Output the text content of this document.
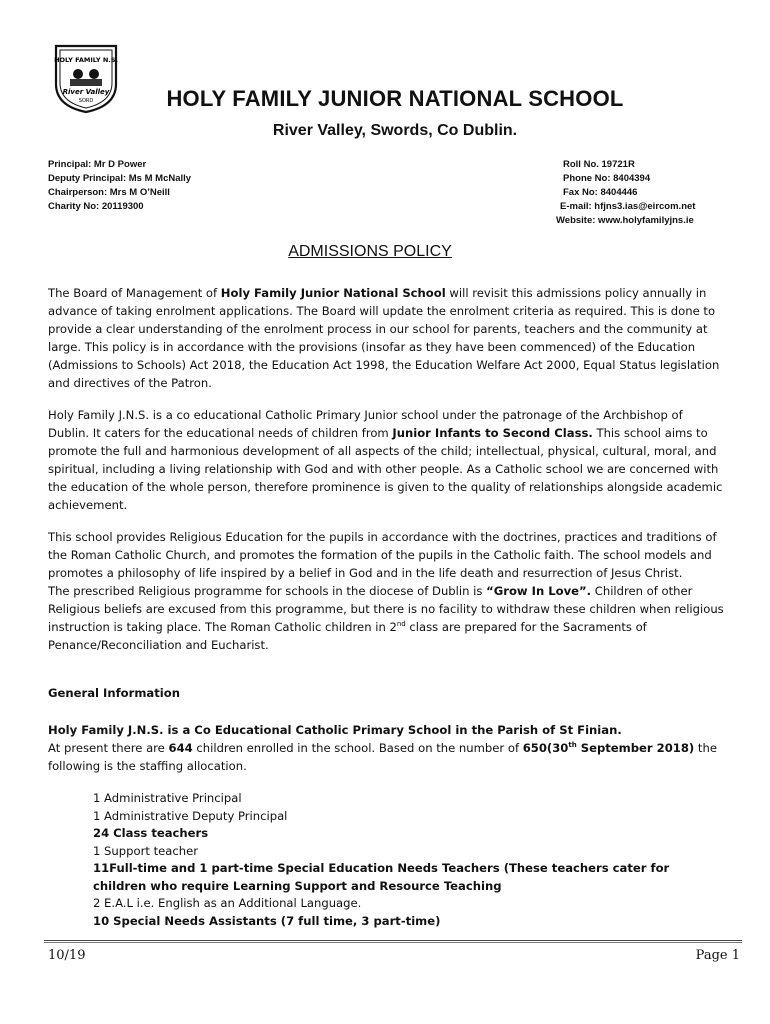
HOLY FAMILY N.S.
River Valley
SORD	HOLY FAMILY JUNIOR NATIONAL SCHOOL
River Valley, Swords, Co Dublin.
Principal: Mr D Power
Deputy Principal: Ms M McNally
Chairperson: Mrs M O’Neill
Charity No: 20119300
Roll No. 19721R
Phone No: 8404394
Fax No: 8404446
E-mail: hfjns3.ias@eircom.net
Website: www.holyfamilyjns.ie
ADMISSIONS POLICY

The Board of Management of Holy Family Junior National School will revisit this admissions policy annually in advance of taking enrolment applications. The Board will update the enrolment criteria as required. This is done to provide a clear understanding of the enrolment process in our school for parents, teachers and the community at large. This policy is in accordance with the provisions (insofar as they have been commenced) of the Education (Admissions to Schools) Act 2018, the Education Act 1998, the Education Welfare Act 2000, Equal Status legislation and directives of the Patron.

Holy Family J.N.S. is a co educational Catholic Primary Junior school under the patronage of the Archbishop of Dublin. It caters for the educational needs of children from Junior Infants to Second Class. This school aims to promote the full and harmonious development of all aspects of the child; intellectual, physical, cultural, moral, and spiritual, including a living relationship with God and with other people. As a Catholic school we are concerned with the education of the whole person, therefore prominence is given to the quality of relationships alongside academic achievement.

This school provides Religious Education for the pupils in accordance with the doctrines, practices and traditions of the Roman Catholic Church, and promotes the formation of the pupils in the Catholic faith. The school models and promotes a philosophy of life inspired by a belief in God and in the life death and resurrection of Jesus Christ.

The prescribed Religious programme for schools in the diocese of Dublin is “Grow In Love”. Children of other Religious beliefs are excused from this programme, but there is no facility to withdraw these children when religious instruction is taking place. The Roman Catholic children in 2nd class are prepared for the Sacraments of Penance/Reconciliation and Eucharist.

General Information

Holy Family J.N.S. is a Co Educational Catholic Primary School in the Parish of St Finian.

At present there are 644 children enrolled in the school. Based on the number of 650(30th September 2018) the following is the staffing allocation.

1 Administrative Principal
1 Administrative Deputy Principal
24 Class teachers
1 Support teacher
11Full-time and 1 part-time Special Education Needs Teachers (These teachers cater for children who require Learning Support and Resource Teaching
2 E.A.L i.e. English as an Additional Language.
10 Special Needs Assistants (7 full time, 3 part-time)
10/19	Page 1
